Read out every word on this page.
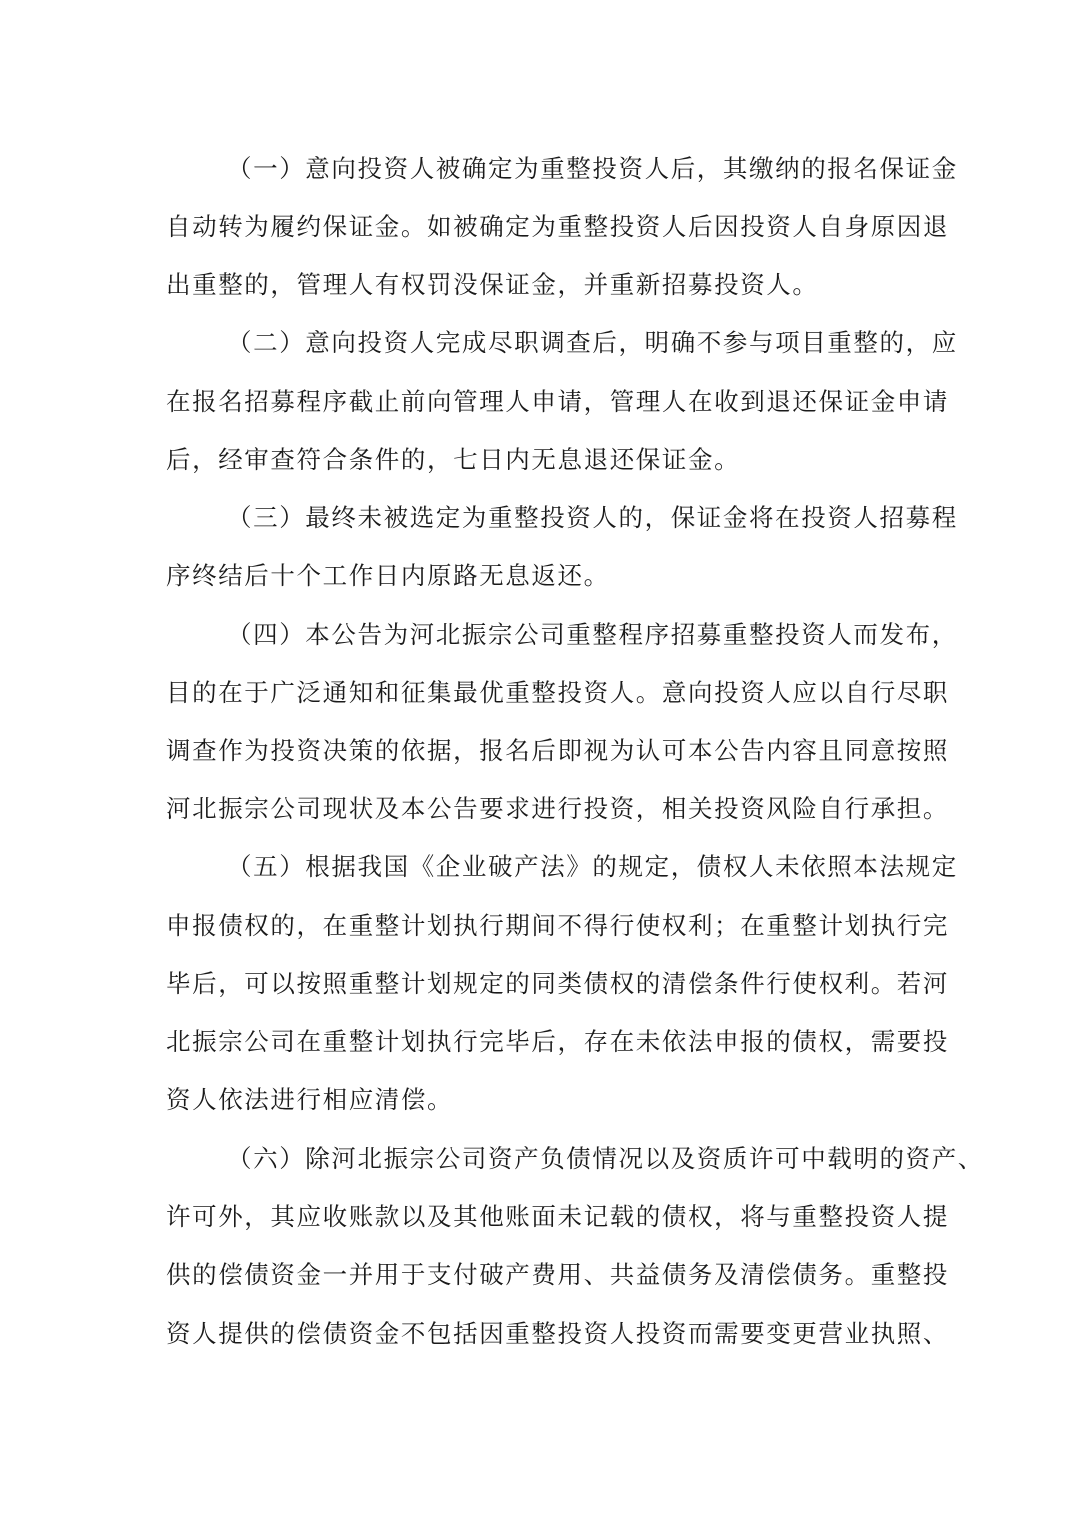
（一）意向投资人被确定为重整投资人后，其缴纳的报名保证金
自动转为履约保证金。如被确定为重整投资人后因投资人自身原因退
出重整的，管理人有权罚没保证金，并重新招募投资人。
（二）意向投资人完成尽职调查后，明确不参与项目重整的，应
在报名招募程序截止前向管理人申请，管理人在收到退还保证金申请
后，经审查符合条件的，七日内无息退还保证金。
（三）最终未被选定为重整投资人的，保证金将在投资人招募程
序终结后十个工作日内原路无息返还。
（四）本公告为河北振宗公司重整程序招募重整投资人而发布，
目的在于广泛通知和征集最优重整投资人。意向投资人应以自行尽职
调查作为投资决策的依据，报名后即视为认可本公告内容且同意按照
河北振宗公司现状及本公告要求进行投资，相关投资风险自行承担。
（五）根据我国《企业破产法》的规定，债权人未依照本法规定
申报债权的，在重整计划执行期间不得行使权利；在重整计划执行完
毕后，可以按照重整计划规定的同类债权的清偿条件行使权利。若河
北振宗公司在重整计划执行完毕后，存在未依法申报的债权，需要投
资人依法进行相应清偿。
（六）除河北振宗公司资产负债情况以及资质许可中载明的资产、
许可外，其应收账款以及其他账面未记载的债权，将与重整投资人提
供的偿债资金一并用于支付破产费用、共益债务及清偿债务。重整投
资人提供的偿债资金不包括因重整投资人投资而需要变更营业执照、
